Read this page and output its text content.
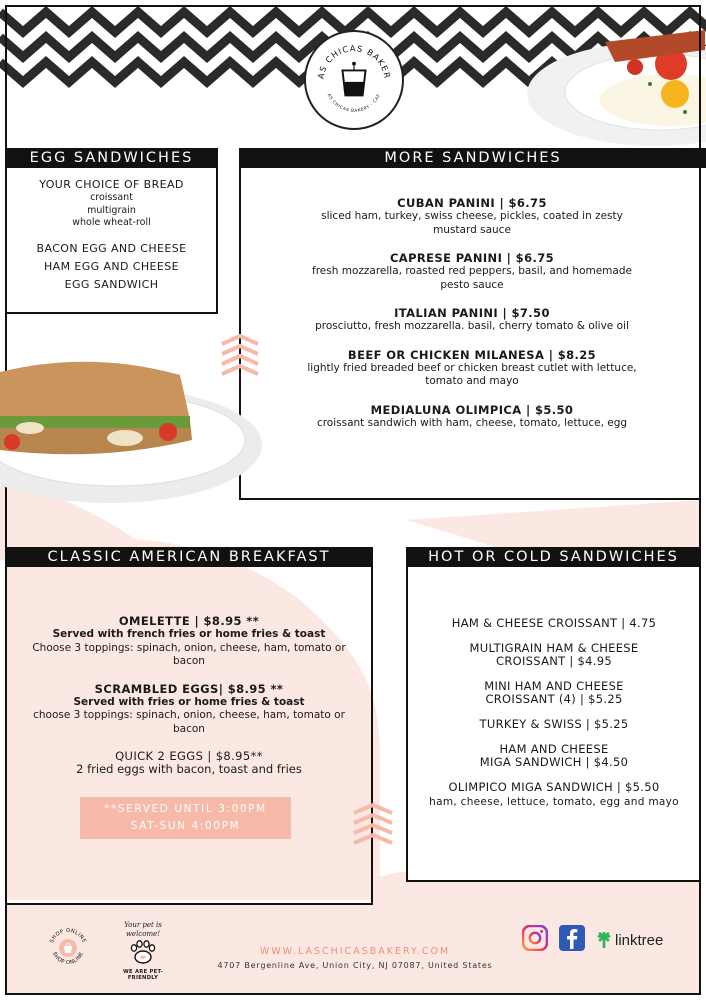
AS CHICAS BAKER
AS CHICAS BAKERY · CAF
EGG SANDWICHES
YOUR CHOICE OF BREAD
croissant
multigrain
whole wheat-roll
BACON EGG AND CHEESE
HAM EGG AND CHEESE
EGG SANDWICH
MORE SANDWICHES
CUBAN PANINI | $6.75
sliced ham, turkey, swiss cheese, pickles, coated in zesty
mustard sauce
CAPRESE PANINI | $6.75
fresh mozzarella, roasted red peppers, basil, and homemade
pesto sauce
ITALIAN PANINI | $7.50
prosciutto, fresh mozzarella. basil, cherry tomato & olive oil
BEEF OR CHICKEN MILANESA | $8.25
lightly fried breaded beef or chicken breast cutlet with lettuce,
tomato and mayo
MEDIALUNA OLIMPICA | $5.50
croissant sandwich with ham, cheese, tomato, lettuce, egg
CLASSIC AMERICAN BREAKFAST
OMELETTE | $8.95 **
Served with french fries or home fries & toast
Choose 3 toppings: spinach, onion, cheese, ham, tomato or
bacon
SCRAMBLED EGGS| $8.95 **
Served with fries or home fries & toast
choose 3 toppings: spinach, onion, cheese, ham, tomato or
bacon
QUICK 2 EGGS | $8.95**
2 fried eggs with bacon, toast and fries
**SERVED UNTIL 3:00PM
SAT-SUN 4:00PM
HOT OR COLD SANDWICHES
HAM & CHEESE CROISSANT | 4.75
MULTIGRAIN HAM & CHEESE
CROISSANT | $4.95
MINI HAM AND CHEESE
CROISSANT (4) | $5.25
TURKEY & SWISS | $5.25
HAM AND CHEESE
MIGA SANDWICH | $4.50
OLIMPICO MIGA SANDWICH | $5.50
ham, cheese, lettuce, tomato, egg and mayo
SHOP ONLINE
SHOP ONLINE
Your pet is welcome!
WE ARE PET-FRIENDLY
WWW.LASCHICASBAKERY.COM
4707 Bergenline Ave, Union City, NJ 07087, United States
linktree
